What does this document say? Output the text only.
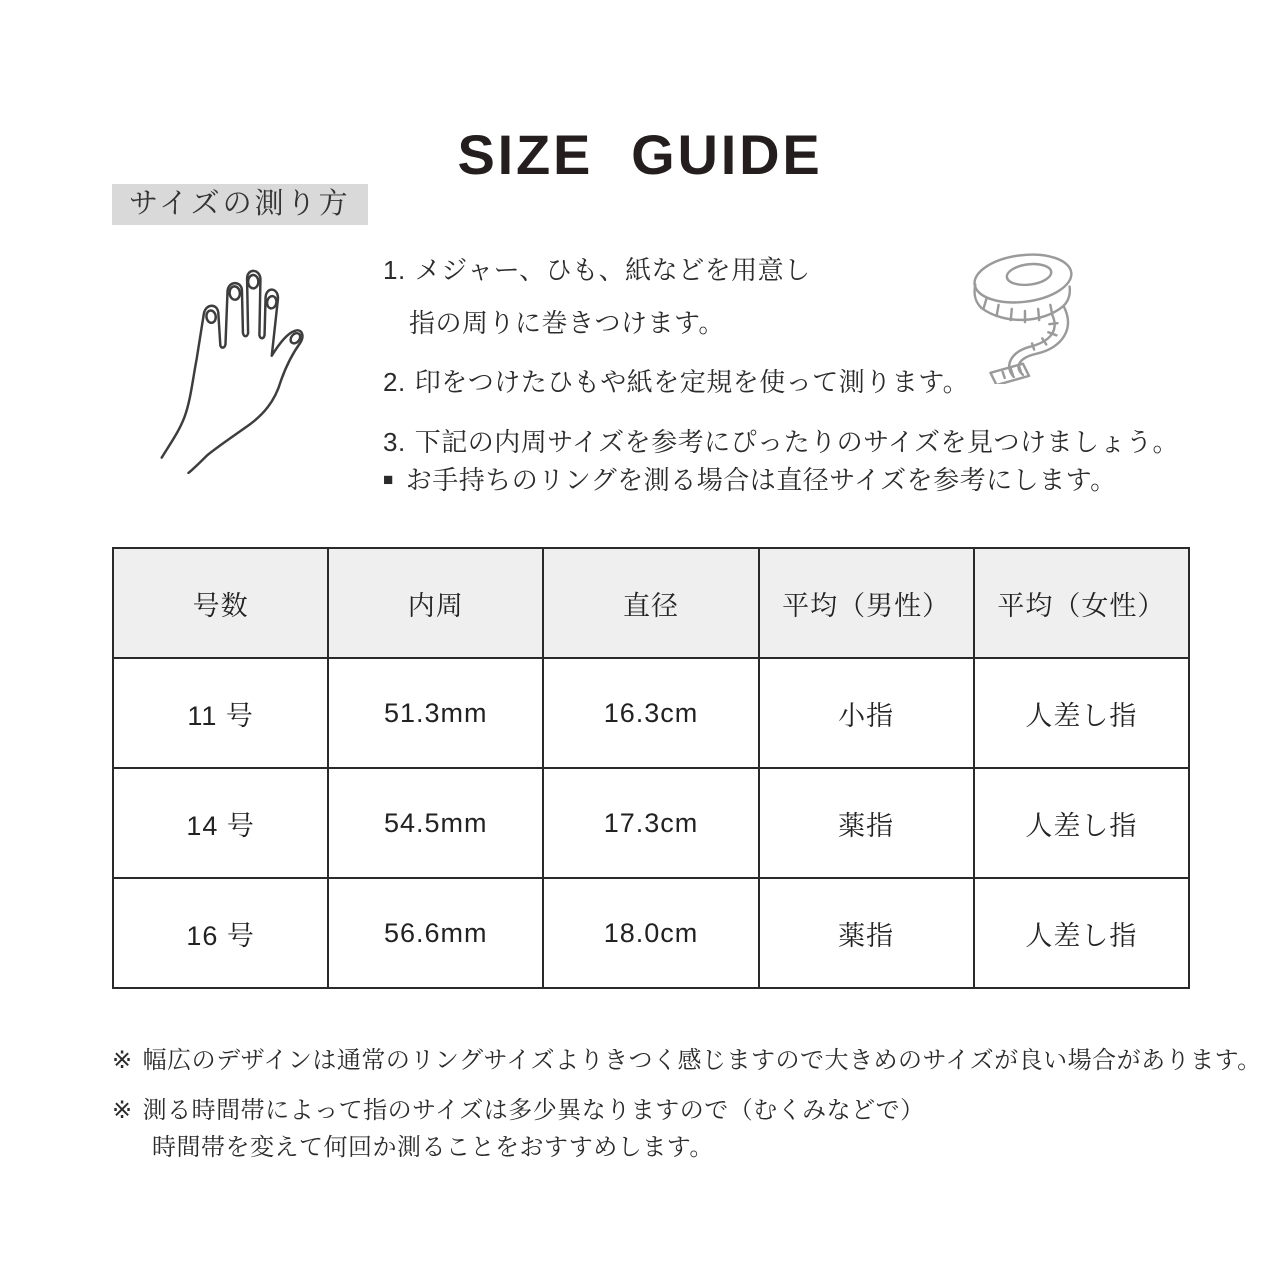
SIZE GUIDE
サイズの測り方
1. メジャー、ひも、紙などを用意し
指の周りに巻きつけます。
2. 印をつけたひもや紙を定規を使って測ります。
3. 下記の内周サイズを参考にぴったりのサイズを見つけましょう。
■ お手持ちのリングを測る場合は直径サイズを参考にします。
号数	内周	直径	平均（男性）	平均（女性）
11 号	51.3mm	16.3cm	小指	人差し指
14 号	54.5mm	17.3cm	薬指	人差し指
16 号	56.6mm	18.0cm	薬指	人差し指
※ 幅広のデザインは通常のリングサイズよりきつく感じますので大きめのサイズが良い場合があります。
※ 測る時間帯によって指のサイズは多少異なりますので（むくみなどで）
時間帯を変えて何回か測ることをおすすめします。
